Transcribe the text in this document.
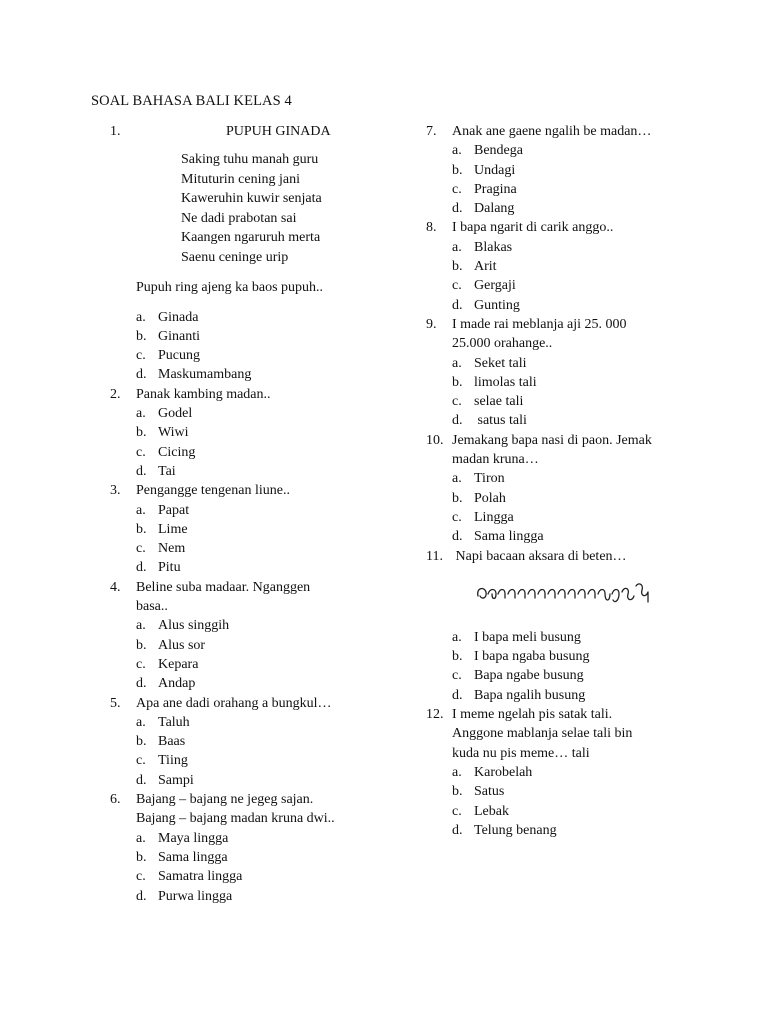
SOAL BAHASA BALI KELAS 4
1.	PUPUH GINADA
Saking tuhu manah guru
Mituturin cening jani
Kaweruhin kuwir senjata
Ne dadi prabotan sai
Kaangen ngaruruh merta
Saenu ceninge urip
Pupuh ring ajeng ka baos pupuh..
a. Ginada
b. Ginanti
c. Pucung
d. Maskumambang
2. Panak kambing madan..
a. Godel
b. Wiwi
c. Cicing
d. Tai
3. Pengangge tengenan liune..
a. Papat
b. Lime
c. Nem
d. Pitu
4. Beline suba madaar. Nganggen
basa..
a. Alus singgih
b. Alus sor
c. Kepara
d. Andap
5. Apa ane dadi orahang a bungkul…
a. Taluh
b. Baas
c. Tiing
d. Sampi
6. Bajang – bajang ne jegeg sajan.
Bajang – bajang madan kruna dwi..
a. Maya lingga
b. Sama lingga
c. Samatra lingga
d. Purwa lingga
7. Anak ane gaene ngalih be madan…
a. Bendega
b. Undagi
c. Pragina
d. Dalang
8. I bapa ngarit di carik anggo..
a. Blakas
b. Arit
c. Gergaji
d. Gunting
9. I made rai meblanja aji 25. 000
25.000 orahange..
a. Seket tali
b. limolas tali
c. selae tali
d. satus tali
10. Jemakang bapa nasi di paon. Jemak
madan kruna…
a. Tiron
b. Polah
c. Lingga
d. Sama lingga
11. Napi bacaan aksara di beten…
a. I bapa meli busung
b. I bapa ngaba busung
c. Bapa ngabe busung
d. Bapa ngalih busung
12. I meme ngelah pis satak tali.
Anggone mablanja selae tali bin
kuda nu pis meme… tali
a. Karobelah
b. Satus
c. Lebak
d. Telung benang
